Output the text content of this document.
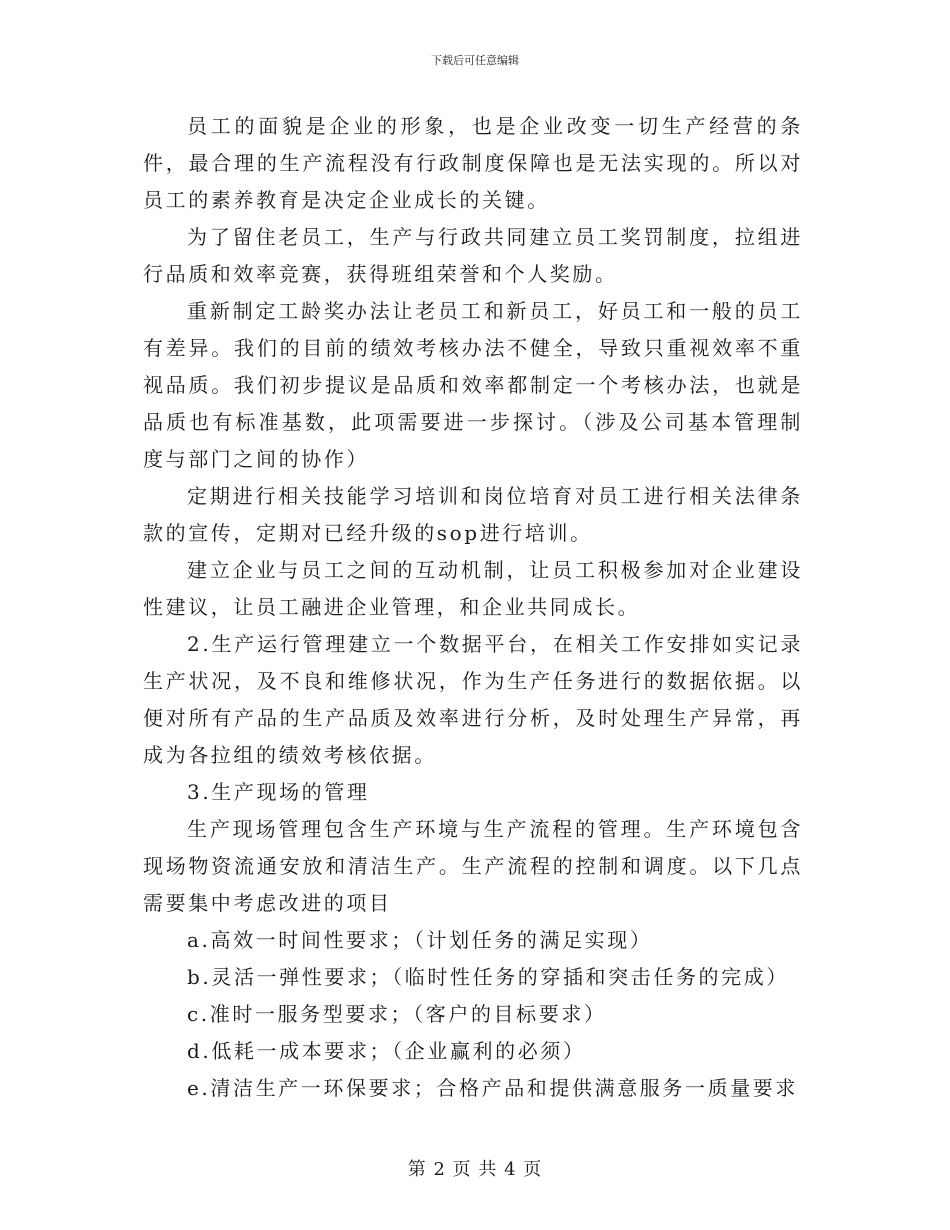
下载后可任意编辑

员工的面貌是企业的形象，也是企业改变一切生产经营的条件，最合理的生产流程没有行政制度保障也是无法实现的。所以对员工的素养教育是决定企业成长的关键。

为了留住老员工，生产与行政共同建立员工奖罚制度，拉组进行品质和效率竞赛，获得班组荣誉和个人奖励。

重新制定工龄奖办法让老员工和新员工，好员工和一般的员工有差异。我们的目前的绩效考核办法不健全，导致只重视效率不重视品质。我们初步提议是品质和效率都制定一个考核办法，也就是品质也有标准基数，此项需要进一步探讨。（涉及公司基本管理制度与部门之间的协作）

定期进行相关技能学习培训和岗位培育对员工进行相关法律条款的宣传，定期对已经升级的sop进行培训。

建立企业与员工之间的互动机制，让员工积极参加对企业建设性建议，让员工融进企业管理，和企业共同成长。

2.生产运行管理建立一个数据平台，在相关工作安排如实记录生产状况，及不良和维修状况，作为生产任务进行的数据依据。以便对所有产品的生产品质及效率进行分析，及时处理生产异常，再成为各拉组的绩效考核依据。

3.生产现场的管理

生产现场管理包含生产环境与生产流程的管理。生产环境包含现场物资流通安放和清洁生产。生产流程的控制和调度。以下几点需要集中考虑改进的项目

a.高效一时间性要求；（计划任务的满足实现）

b.灵活一弹性要求；（临时性任务的穿插和突击任务的完成）

c.准时一服务型要求；（客户的目标要求）

d.低耗一成本要求；（企业赢利的必须）

e.清洁生产一环保要求；合格产品和提供满意服务一质量要求

第 2 页 共 4 页
